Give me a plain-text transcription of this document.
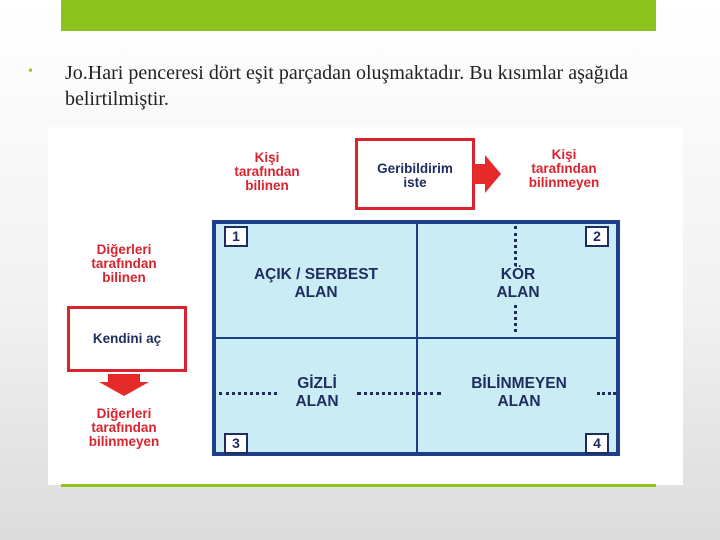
• Jo.Hari penceresi dört eşit parçadan oluşmaktadır. Bu kısımlar aşağıda belirtilmiştir.
Kişi
tarafından
bilinen
Geribildirim
iste
Kişi
tarafından
bilinmeyen
Diğerleri
tarafından
bilinen
Kendini aç
Diğerleri
tarafından
bilinmeyen
1	2
3	4
AÇIK / SERBEST
ALAN
KÖR
ALAN
GİZLİ
ALAN
BİLİNMEYEN
ALAN
